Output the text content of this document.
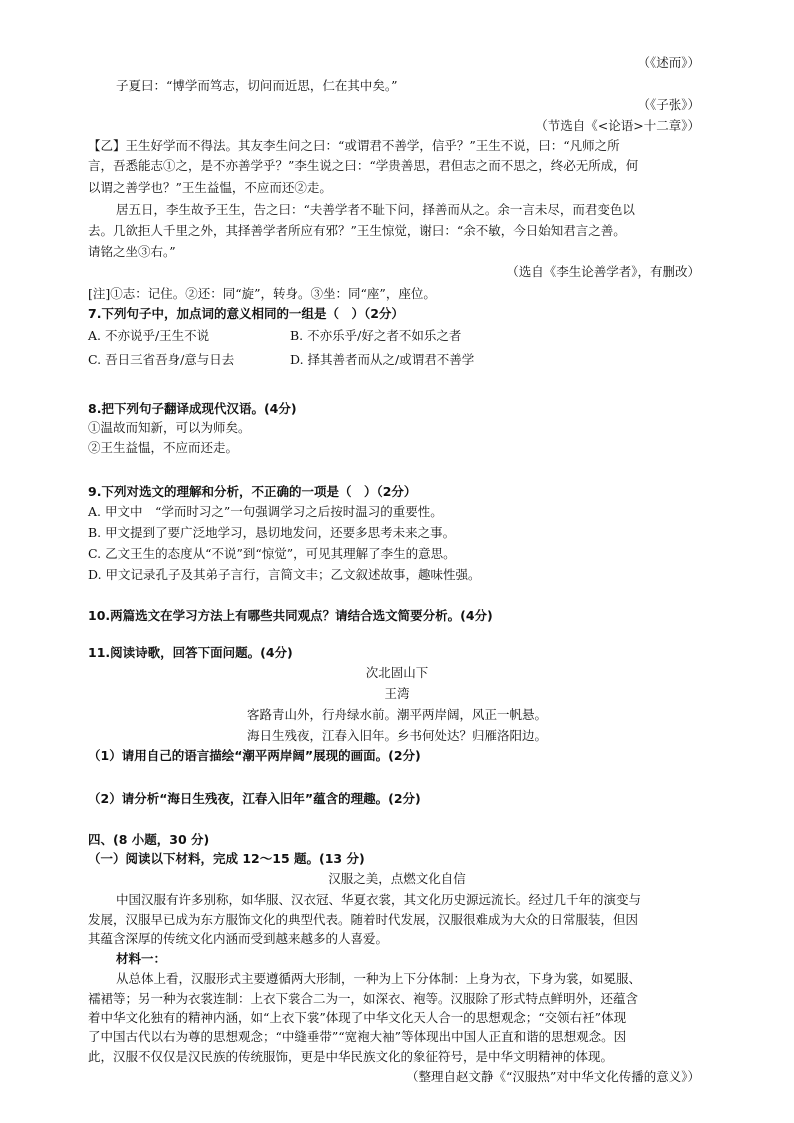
（《述而》）
子夏曰：“博学而笃志，切问而近思，仁在其中矣。”
（《子张》）
（节选自《<论语>十二章》）
【乙】王生好学而不得法。其友李生问之曰：“或谓君不善学，信乎？”王生不说，曰：“凡师之所
言，吾悉能志①之，是不亦善学乎？”李生说之曰：“学贵善思，君但志之而不思之，终必无所成，何
以谓之善学也？”王生益愠，不应而还②走。
居五日，李生故予王生，告之曰：“夫善学者不耻下问，择善而从之。余一言未尽，而君变色以
去。几欲拒人千里之外，其择善学者所应有邪？”王生惊觉，谢曰：“余不敏，今日始知君言之善。
请铭之坐③右。”
（选自《李生论善学者》，有删改）
[注]①志：记住。②还：同“旋”，转身。③坐：同“座”，座位。
7.下列句子中，加点词的意义相同的一组是（　）（2分）
A. 不亦说乎/王生不说	B. 不亦乐乎/好之者不如乐之者
C. 吾日三省吾身/意与日去	D. 择其善者而从之/或谓君不善学
8.把下列句子翻译成现代汉语。(4分)
①温故而知新，可以为师矣。
②王生益愠，不应而还走。
9.下列对选文的理解和分析，不正确的一项是（　）（2分）
A. 甲文中　“学而时习之”一句强调学习之后按时温习的重要性。
B. 甲文提到了要广泛地学习，恳切地发问，还要多思考未来之事。
C. 乙文王生的态度从“不说”到“惊觉”，可见其理解了李生的意思。
D. 甲文记录孔子及其弟子言行，言简文丰；乙文叙述故事，趣味性强。
10.两篇选文在学习方法上有哪些共同观点？请结合选文简要分析。(4分)
11.阅读诗歌，回答下面问题。(4分)
次北固山下
王湾
客路青山外，行舟绿水前。潮平两岸阔，风正一帆悬。
海日生残夜，江春入旧年。乡书何处达？归雁洛阳边。
（1）请用自己的语言描绘“潮平两岸阔”展现的画面。(2分)
（2）请分析“海日生残夜，江春入旧年”蕴含的理趣。(2分)
四、(8 小题，30 分)
（一）阅读以下材料，完成 12～15 题。(13 分)
汉服之美，点燃文化自信
中国汉服有许多别称，如华服、汉衣冠、华夏衣裳，其文化历史源远流长。经过几千年的演变与
发展，汉服早已成为东方服饰文化的典型代表。随着时代发展，汉服很难成为大众的日常服装，但因
其蕴含深厚的传统文化内涵而受到越来越多的人喜爱。
材料一：
从总体上看，汉服形式主要遵循两大形制，一种为上下分体制：上身为衣，下身为裳，如冕服、
襦裙等；另一种为衣裳连制：上衣下裳合二为一，如深衣、袍等。汉服除了形式特点鲜明外，还蕴含
着中华文化独有的精神内涵，如“上衣下裳”体现了中华文化天人合一的思想观念；“交领右衽”体现
了中国古代以右为尊的思想观念；“中缝垂带”“宽袍大袖”等体现出中国人正直和谐的思想观念。因
此，汉服不仅仅是汉民族的传统服饰，更是中华民族文化的象征符号，是中华文明精神的体现。
（整理自赵文静《“汉服热”对中华文化传播的意义》）
